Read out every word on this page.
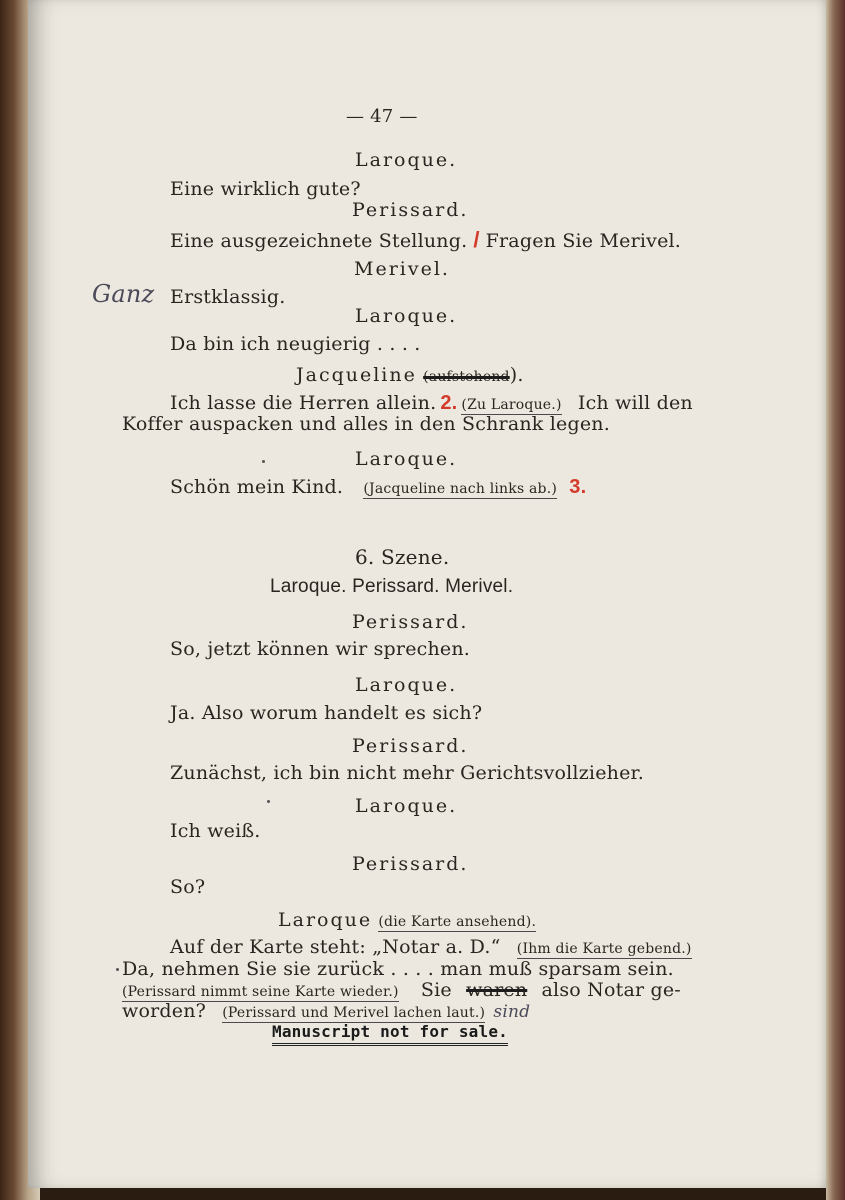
— 47 —
Laroque.
Eine wirklich gute?
Perissard.
Eine ausgezeichnete Stellung. / Fragen Sie Merivel.
Merivel.
Ganz Erstklassig.
Laroque.
Da bin ich neugierig . . . .
Jacqueline (aufstehend).
Ich lasse die Herren allein. 2. (Zu Laroque.) Ich will den
Koffer auspacken und alles in den Schrank legen.
Laroque.
Schön mein Kind. (Jacqueline nach links ab.) 3.
6. Szene.
Laroque. Perissard. Merivel.
Perissard.
So, jetzt können wir sprechen.
Laroque.
Ja. Also worum handelt es sich?
Perissard.
Zunächst, ich bin nicht mehr Gerichtsvollzieher.
Laroque.
Ich weiß.
Perissard.
So?
Laroque (die Karte ansehend).
Auf der Karte steht: „Notar a. D.“ (Ihm die Karte gebend.)
Da, nehmen Sie sie zurück . . . . man muß sparsam sein.
(Perissard nimmt seine Karte wieder.) Sie waren also Notar ge-
worden? (Perissard und Merivel lachen laut.) sind
Manuscript not for sale.
